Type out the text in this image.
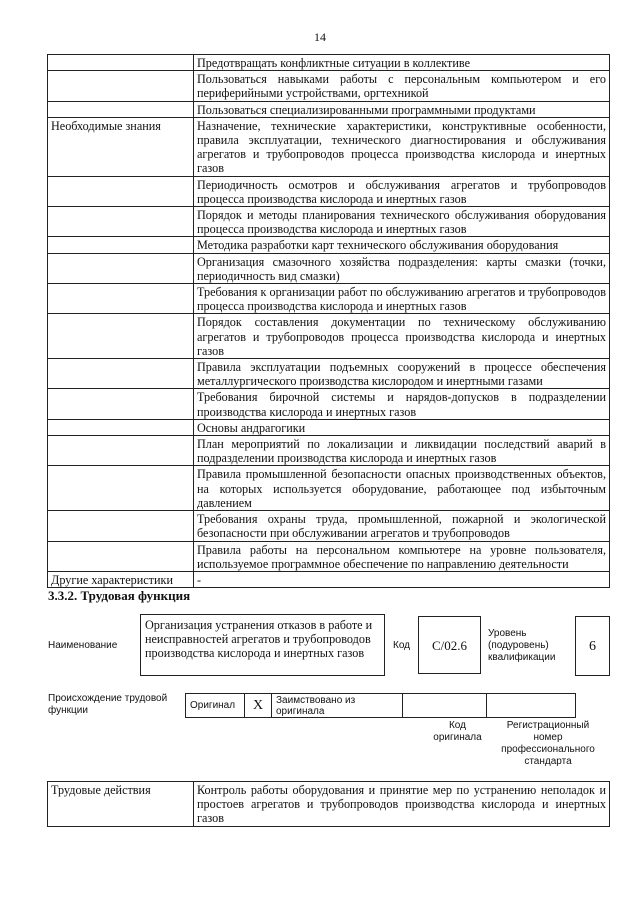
14
	Предотвращать конфликтные ситуации в коллективе
	Пользоваться навыками работы с персональным компьютером и его периферийными устройствами, оргтехникой
	Пользоваться специализированными программными продуктами
Необходимые знания	Назначение, технические характеристики, конструктивные особенности, правила эксплуатации, технического диагностирования и обслуживания агрегатов и трубопроводов процесса производства кислорода и инертных газов
	Периодичность осмотров и обслуживания агрегатов и трубопроводов процесса производства кислорода и инертных газов
	Порядок и методы планирования технического обслуживания оборудования процесса производства кислорода и инертных газов
	Методика разработки карт технического обслуживания оборудования
	Организация смазочного хозяйства подразделения: карты смазки (точки, периодичность вид смазки)
	Требования к организации работ по обслуживанию агрегатов и трубопроводов процесса производства кислорода и инертных газов
	Порядок составления документации по техническому обслуживанию агрегатов и трубопроводов процесса производства кислорода и инертных газов
	Правила эксплуатации подъемных сооружений в процессе обеспечения металлургического производства кислородом и инертными газами
	Требования бирочной системы и нарядов-допусков в подразделении производства кислорода и инертных газов
	Основы андрагогики
	План мероприятий по локализации и ликвидации последствий аварий в подразделении производства кислорода и инертных газов
	Правила промышленной безопасности опасных производственных объектов, на которых используется оборудование, работающее под избыточным давлением
	Требования охраны труда, промышленной, пожарной и экологической безопасности при обслуживании агрегатов и трубопроводов
	Правила работы на персональном компьютере на уровне пользователя, используемое программное обеспечение по направлению деятельности
Другие характеристики	-
3.3.2. Трудовая функция
Наименование
Организация устранения отказов в работе и неисправностей агрегатов и трубопроводов производства кислорода и инертных газов
Код	C/02.6
Уровень (подуровень) квалификации
6
Происхождение трудовой функции	Оригинал	X	Заимствовано из оригинала		
Код оригинала
Регистрационный номер профессионального стандарта
Трудовые действия	Контроль работы оборудования и принятие мер по устранению неполадок и простоев агрегатов и трубопроводов производства кислорода и инертных газов
